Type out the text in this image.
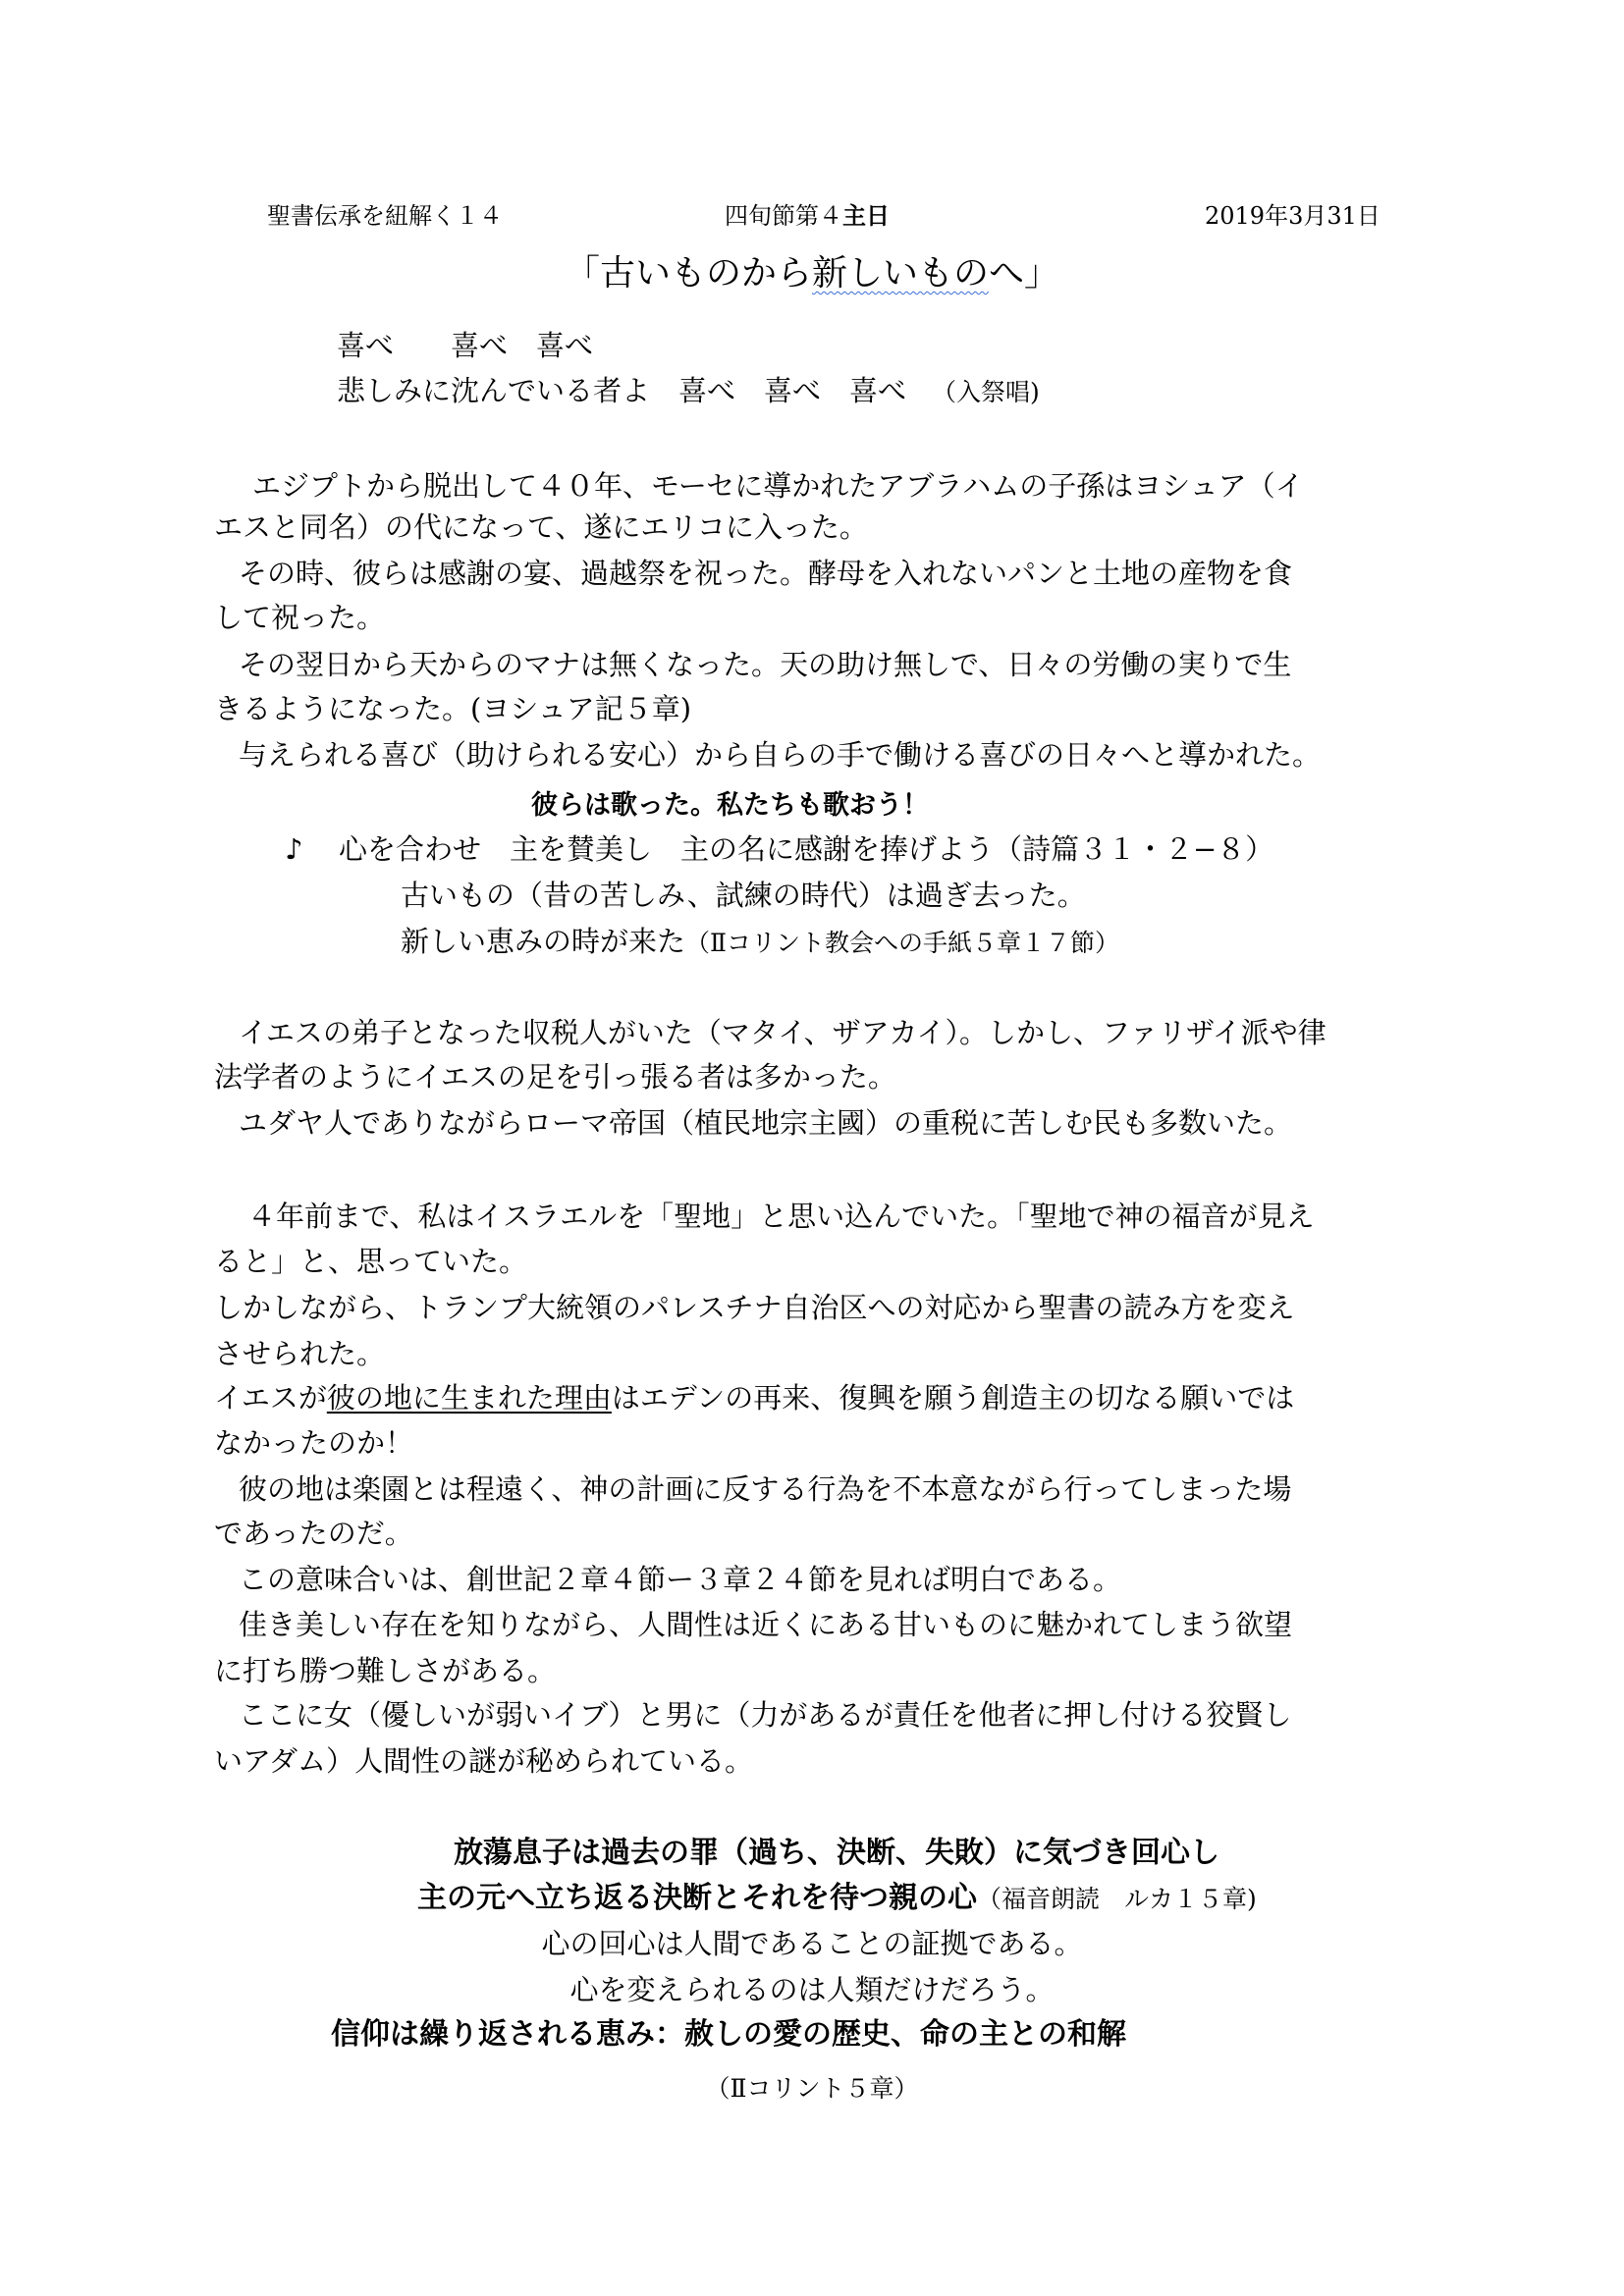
聖書伝承を紐解く１４	四旬節第４主日	2019年3月31日
「古いものから新しいものへ」
喜べ　　喜べ　喜べ
悲しみに沈んでいる者よ　喜べ　喜べ　喜べ （入祭唱)
　エジプトから脱出して４０年、モーセに導かれたアブラハムの子孫はヨシュア（イ
エスと同名）の代になって、遂にエリコに入った。
その時、彼らは感謝の宴、過越祭を祝った。酵母を入れないパンと土地の産物を食
して祝った。
その翌日から天からのマナは無くなった。天の助け無しで、日々の労働の実りで生
きるようになった。(ヨシュア記５章)
与えられる喜び（助けられる安心）から自らの手で働ける喜びの日々へと導かれた。
彼らは歌った。私たちも歌おう！
♪ 心を合わせ　主を賛美し　主の名に感謝を捧げよう（詩篇３１・２−８）
古いもの（昔の苦しみ、試練の時代）は過ぎ去った。
新しい恵みの時が来た（Ⅱコリント教会への手紙５章１７節）
イエスの弟子となった収税人がいた（マタイ、ザアカイ）。しかし、ファリザイ派や律
法学者のようにイエスの足を引っ張る者は多かった。
ユダヤ人でありながらローマ帝国（植民地宗主國）の重税に苦しむ民も多数いた。
４年前まで、私はイスラエルを「聖地」と思い込んでいた。「聖地で神の福音が見え
ると」と、思っていた。
しかしながら、トランプ大統領のパレスチナ自治区への対応から聖書の読み方を変え
させられた。
イエスが彼の地に生まれた理由はエデンの再来、復興を願う創造主の切なる願いでは
なかったのか！
彼の地は楽園とは程遠く、神の計画に反する行為を不本意ながら行ってしまった場
であったのだ。
この意味合いは、創世記２章４節ー３章２４節を見れば明白である。
佳き美しい存在を知りながら、人間性は近くにある甘いものに魅かれてしまう欲望
に打ち勝つ難しさがある。
ここに女（優しいが弱いイブ）と男に（力があるが責任を他者に押し付ける狡賢し
いアダム）人間性の謎が秘められている。
放蕩息子は過去の罪（過ち、決断、失敗）に気づき回心し
主の元へ立ち返る決断とそれを待つ親の心（福音朗読　ルカ１５章)
心の回心は人間であることの証拠である。
心を変えられるのは人類だけだろう。
信仰は繰り返される恵み：赦しの愛の歴史、命の主との和解
（Ⅱコリント５章）
